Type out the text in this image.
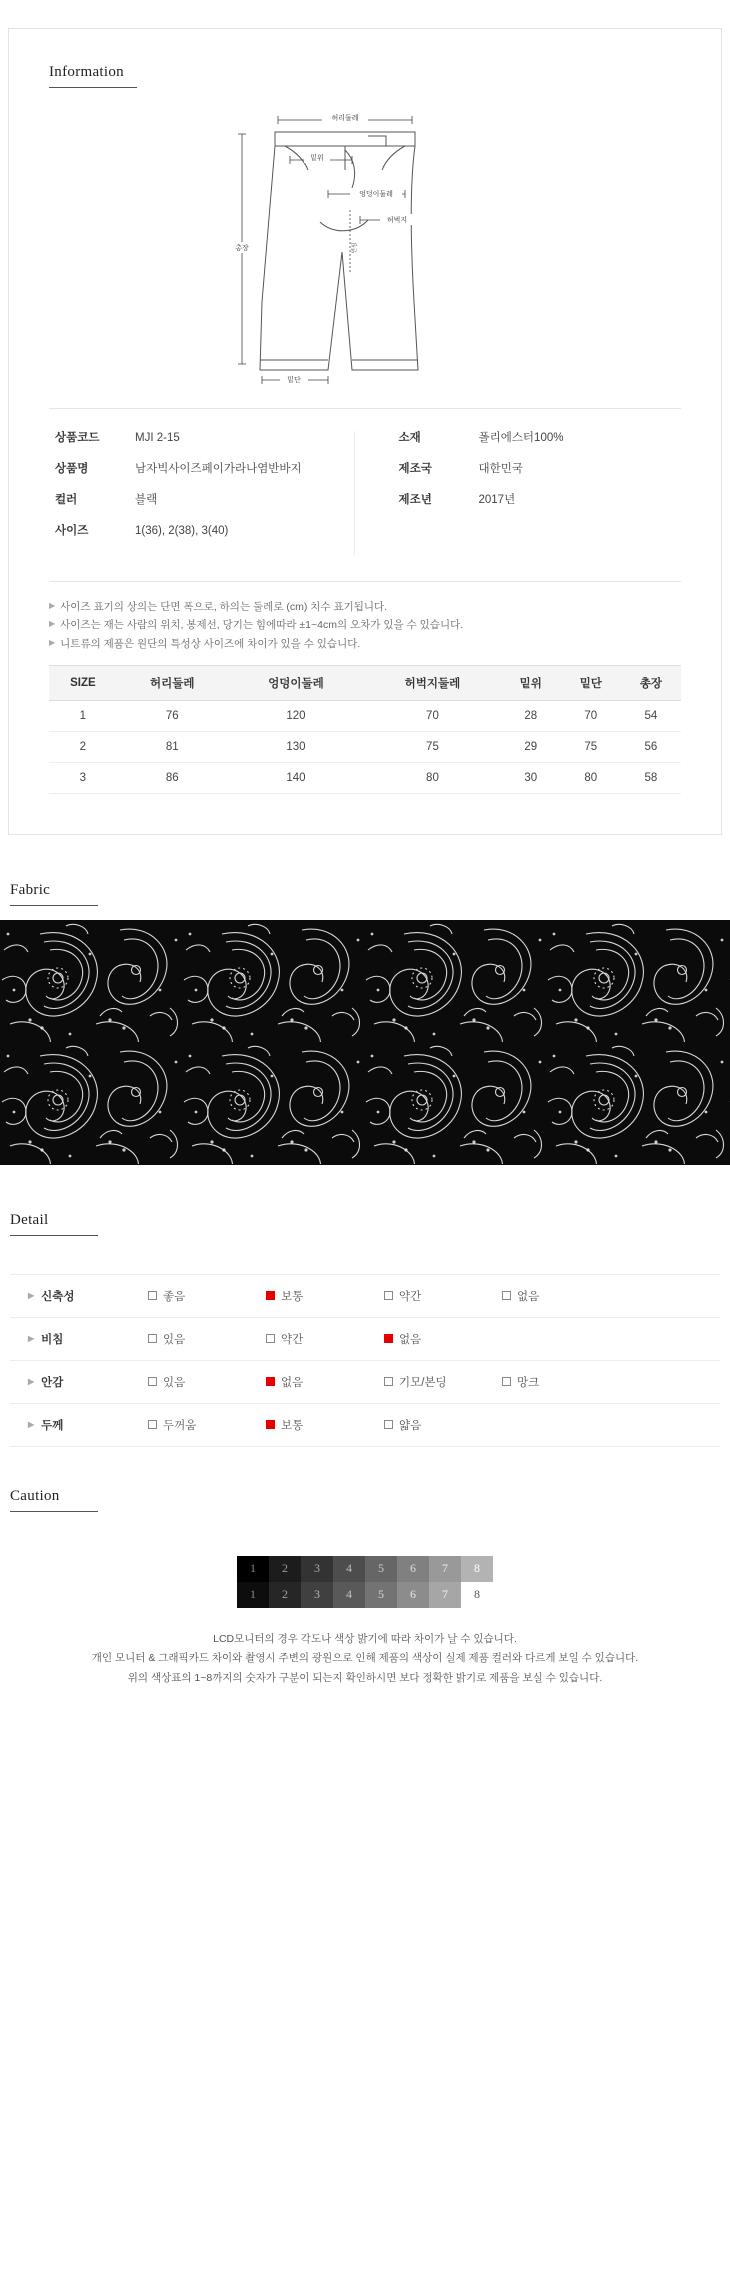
Information
허리둘레
총장
밑위
엉덩이둘레
허벅지
밑단
인심
상품코드	MJI 2-15
상품명	남자빅사이즈페이가라나염반바지
컬러	블랙
사이즈	1(36), 2(38), 3(40)
소재	폴리에스터100%
제조국	대한민국
제조년	2017년
▶ 사이즈 표기의 상의는 단면 폭으로, 하의는 둘레로 (cm) 치수 표기됩니다.
▶ 사이즈는 재는 사람의 위치, 봉제선, 당기는 힘에따라 ±1~4cm의 오차가 있을 수 있습니다.
▶ 니트류의 제품은 원단의 특성상 사이즈에 차이가 있을 수 있습니다.
SIZE	허리둘레	엉덩이둘레	허벅지둘레	밑위	밑단	총장
1	76	120	70	28	70	54
2	81	130	75	29	75	56
3	86	140	80	30	80	58
Fabric
Detail
▶ 신축성	좋음	보통	약간	없음
▶ 비침	있음	약간	없음
▶ 안감	있음	없음	기모/본딩	망크
▶ 두께	두꺼움	보통	얇음
Caution
1	2	3	4	5	6	7	8
1	2	3	4	5	6	7	8
LCD모니터의 경우 각도나 색상 밝기에 따라 차이가 날 수 있습니다.
개인 모니터 & 그래픽카드 차이와 촬영시 주변의 광원으로 인해 제품의 색상이 실제 제품 컬러와 다르게 보일 수 있습니다.
위의 색상표의 1~8까지의 숫자가 구분이 되는지 확인하시면 보다 정확한 밝기로 제품을 보실 수 있습니다.
